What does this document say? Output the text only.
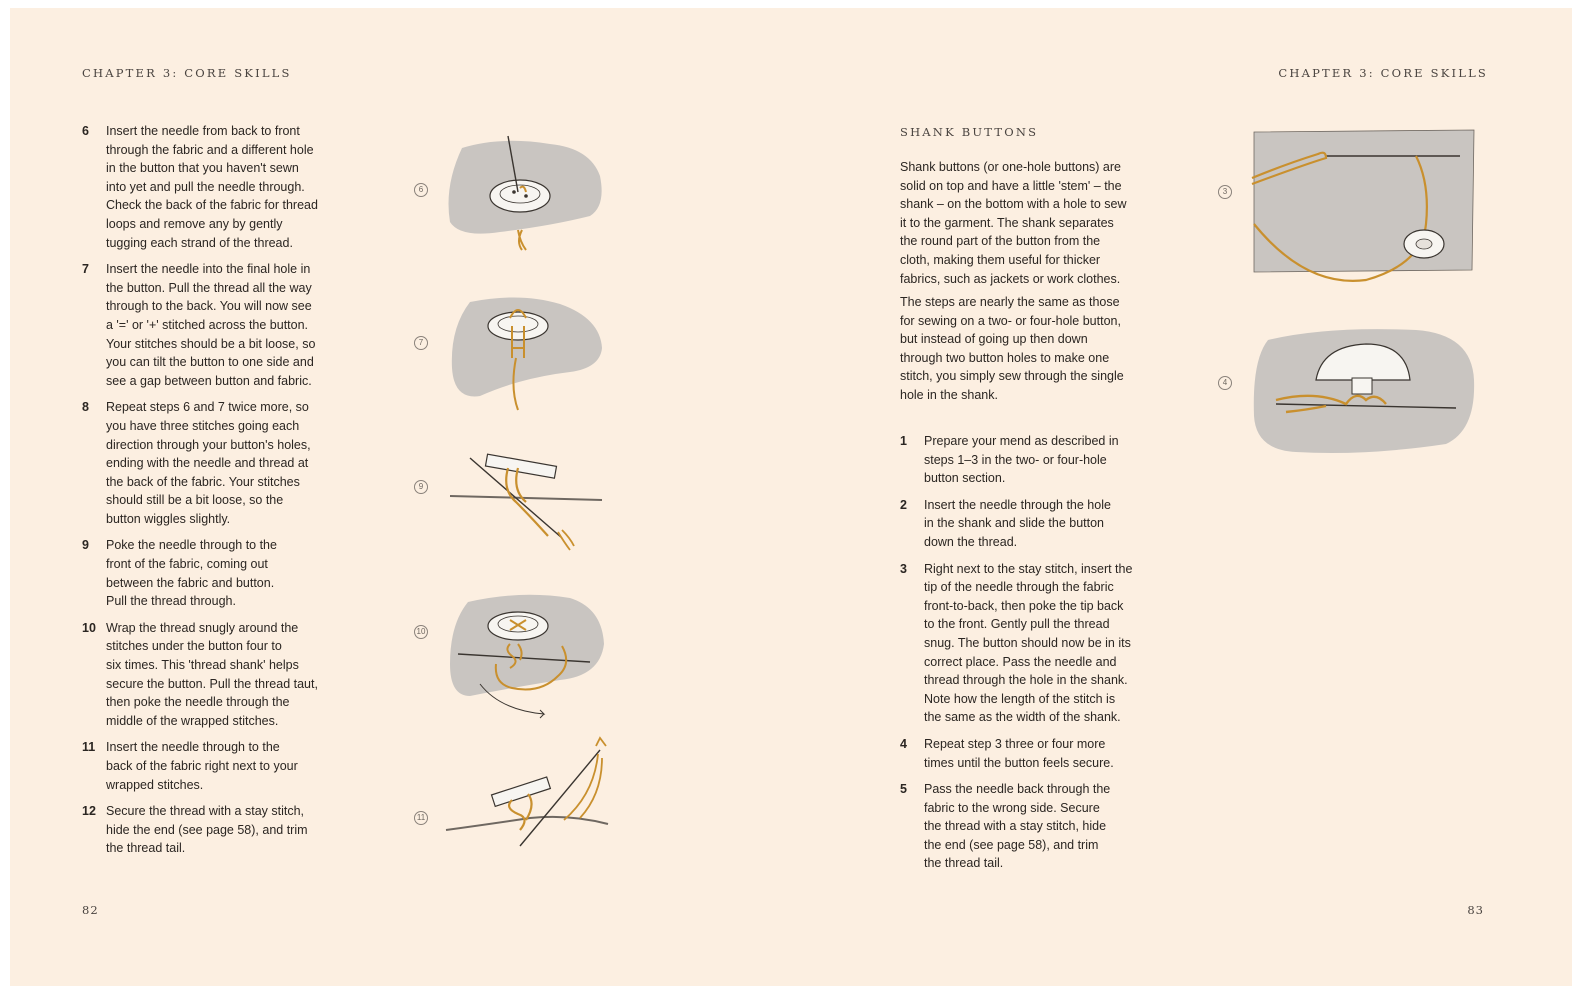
CHAPTER 3: CORE SKILLS
6	Insert the needle from back to front
through the fabric and a different hole
in the button that you haven't sewn
into yet and pull the needle through.
Check the back of the fabric for thread
loops and remove any by gently
tugging each strand of the thread.
7	Insert the needle into the final hole in
the button. Pull the thread all the way
through to the back. You will now see
a '=' or '+' stitched across the button.
Your stitches should be a bit loose, so
you can tilt the button to one side and
see a gap between button and fabric.
8	Repeat steps 6 and 7 twice more, so
you have three stitches going each
direction through your button's holes,
ending with the needle and thread at
the back of the fabric. Your stitches
should still be a bit loose, so the
button wiggles slightly.
9	Poke the needle through to the
front of the fabric, coming out
between the fabric and button.
Pull the thread through.
10 Wrap the thread snugly around the
stitches under the button four to
six times. This 'thread shank' helps
secure the button. Pull the thread taut,
then poke the needle through the
middle of the wrapped stitches.
11 Insert the needle through to the
back of the fabric right next to your
wrapped stitches.
12 Secure the thread with a stay stitch,
hide the end (see page 58), and trim
the thread tail.
6
7
9
10
11
82
CHAPTER 3: CORE SKILLS
SHANK BUTTONS

Shank buttons (or one-hole buttons) are
solid on top and have a little 'stem' – the
shank – on the bottom with a hole to sew
it to the garment. The shank separates
the round part of the button from the
cloth, making them useful for thicker
fabrics, such as jackets or work clothes.

The steps are nearly the same as those
for sewing on a two- or four-hole button,
but instead of going up then down
through two button holes to make one
stitch, you simply sew through the single
hole in the shank.

1	Prepare your mend as described in
steps 1–3 in the two- or four-hole
button section.
2	Insert the needle through the hole
in the shank and slide the button
down the thread.
3	Right next to the stay stitch, insert the
tip of the needle through the fabric
front-to-back, then poke the tip back
to the front. Gently pull the thread
snug. The button should now be in its
correct place. Pass the needle and
thread through the hole in the shank.
Note how the length of the stitch is
the same as the width of the shank.
4	Repeat step 3 three or four more
times until the button feels secure.
5	Pass the needle back through the
fabric to the wrong side. Secure
the thread with a stay stitch, hide
the end (see page 58), and trim
the thread tail.
3
4
83
